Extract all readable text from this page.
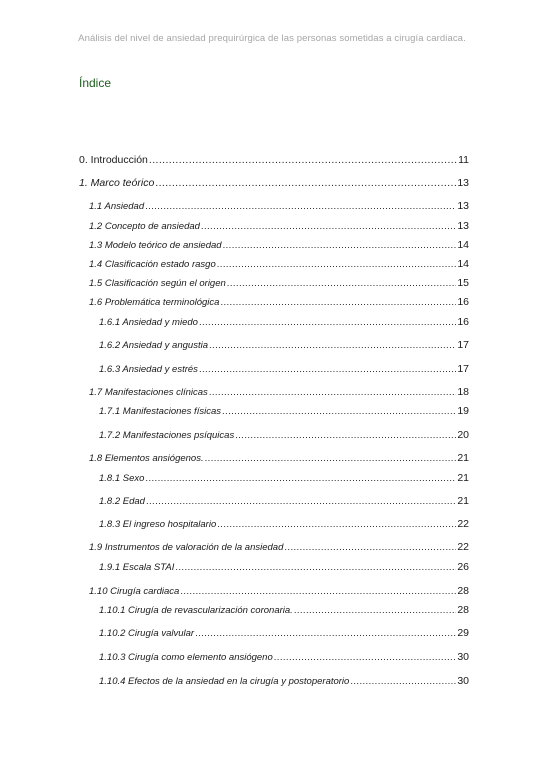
Análisis del nivel de ansiedad prequirúrgica de las personas sometidas a cirugía cardiaca.
Índice
0. Introducción .....	11
1. Marco teórico .....	13
1.1 Ansiedad .....	13
1.2 Concepto de ansiedad .....	13
1.3 Modelo teórico de ansiedad .....	14
1.4 Clasificación estado rasgo .....	14
1.5 Clasificación según el origen .....	15
1.6 Problemática terminológica .....	16
1.6.1 Ansiedad y miedo .....	16
1.6.2 Ansiedad y angustia .....	17
1.6.3 Ansiedad y estrés .....	17
1.7 Manifestaciones clínicas .....	18
1.7.1 Manifestaciones físicas .....	19
1.7.2 Manifestaciones psíquicas .....	20
1.8 Elementos ansiógenos. .....	21
1.8.1 Sexo .....	21
1.8.2 Edad .....	21
1.8.3 El ingreso hospitalario .....	22
1.9 Instrumentos de valoración de la ansiedad .....	22
1.9.1 Escala STAI .....	26
1.10 Cirugía cardiaca .....	28
1.10.1 Cirugía de revascularización coronaria. .....	28
1.10.2 Cirugía valvular .....	29
1.10.3 Cirugía como elemento ansiógeno .....	30
1.10.4 Efectos de la ansiedad en la cirugía y postoperatorio .....	30
